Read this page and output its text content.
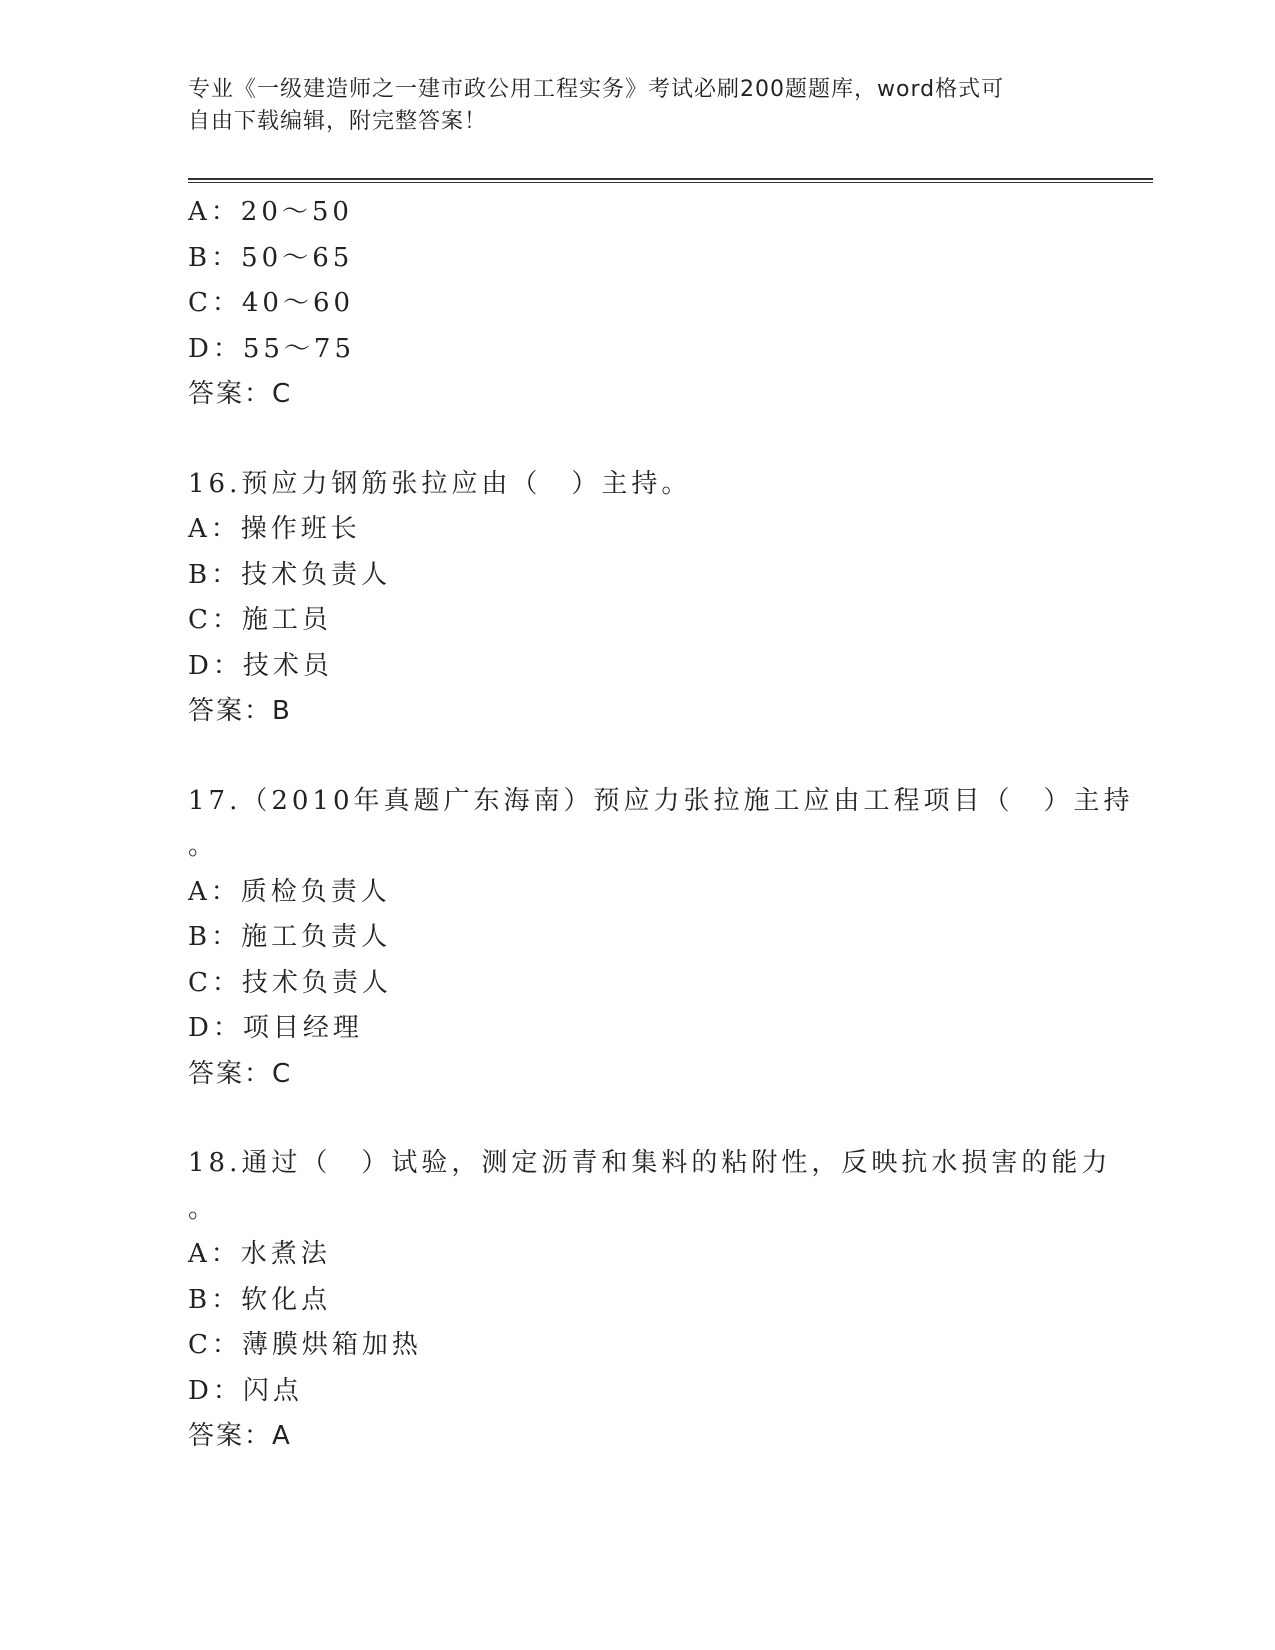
专业《一级建造师之一建市政公用工程实务》考试必刷200题题库，word格式可
自由下载编辑，附完整答案！
A：20～50
B：50～65
C：40～60
D：55～75
答案：C
16.预应力钢筋张拉应由（　）主持。
A：操作班长
B：技术负责人
C：施工员
D：技术员
答案：B
17.（2010年真题广东海南）预应力张拉施工应由工程项目（　）主持
。
A：质检负责人
B：施工负责人
C：技术负责人
D：项目经理
答案：C
18.通过（　）试验，测定沥青和集料的粘附性，反映抗水损害的能力
。
A：水煮法
B：软化点
C：薄膜烘箱加热
D：闪点
答案：A
